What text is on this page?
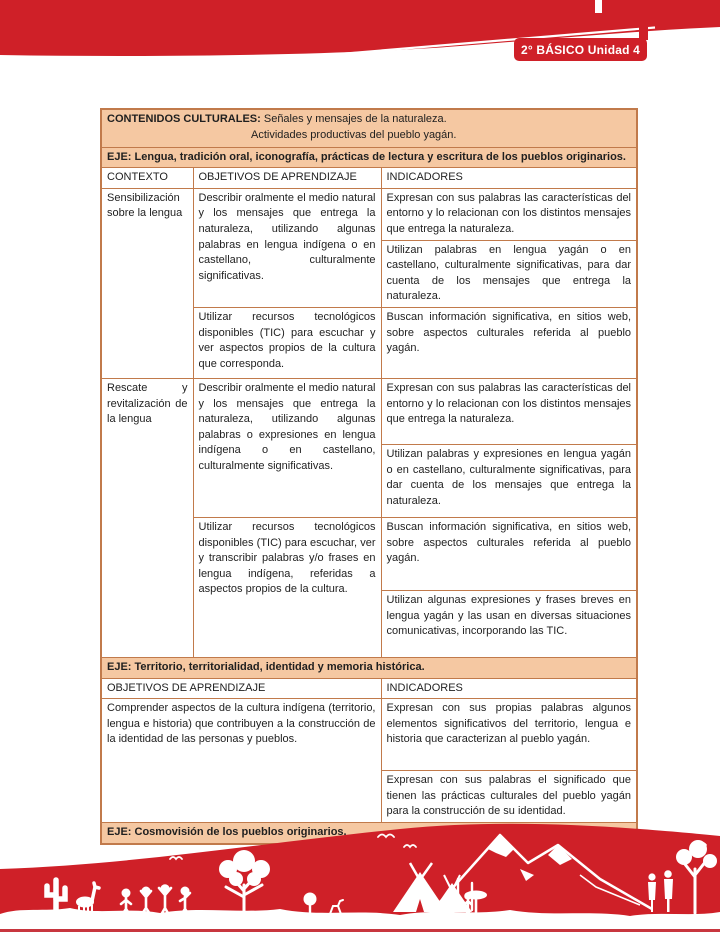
2° BÁSICO Unidad 4
CONTENIDOS CULTURALES: Señales y mensajes de la naturaleza.
Actividades productivas del pueblo yagán.		

EJE: Lengua, tradición oral, iconografía, prácticas de lectura y escritura de los pueblos originarios.		
CONTEXTO	OBJETIVOS DE APRENDIZAJE	INDICADORES
Sensibilización sobre la lengua	Describir oralmente el medio natural y los mensajes que entrega la naturaleza, utilizando algunas palabras en lengua indígena o en castellano, culturalmente significativas.	Expresan con sus palabras las características del entorno y lo relacionan con los distintos mensajes que entrega la naturaleza.
		Utilizan palabras en lengua yagán o en castellano, culturalmente significativas, para dar cuenta de los mensajes que entrega la naturaleza.
	Utilizar recursos tecnológicos disponibles (TIC) para escuchar y ver aspectos propios de la cultura que corresponda.	Buscan información significativa, en sitios web, sobre aspectos culturales referida al pueblo yagán.
Rescate y revitalización de la lengua	Describir oralmente el medio natural y los mensajes que entrega la naturaleza, utilizando algunas palabras o expresiones en lengua indígena o en castellano, culturalmente significativas.	Expresan con sus palabras las características del entorno y lo relacionan con los distintos mensajes que entrega la naturaleza.
		Utilizan palabras y expresiones en lengua yagán o en castellano, culturalmente significativas, para dar cuenta de los mensajes que entrega la naturaleza.
	Utilizar recursos tecnológicos disponibles (TIC) para escuchar, ver y transcribir palabras y/o frases en lengua indígena, referidas a aspectos propios de la cultura.	Buscan información significativa, en sitios web, sobre aspectos culturales referida al pueblo yagán.
		Utilizan algunas expresiones y frases breves en lengua yagán y las usan en diversas situaciones comunicativas, incorporando las TIC.
EJE: Territorio, territorialidad, identidad y memoria histórica.		
OBJETIVOS DE APRENDIZAJE		INDICADORES
Comprender aspectos de la cultura indígena (territorio, lengua e historia) que contribuyen a la construcción de la identidad de las personas y pueblos.		Expresan con sus propias palabras algunos elementos significativos del territorio, lengua e historia que caracterizan al pueblo yagán.
		Expresan con sus palabras el significado que tienen las prácticas culturales del pueblo yagán para la construcción de su identidad.
EJE: Cosmovisión de los pueblos originarios.		
